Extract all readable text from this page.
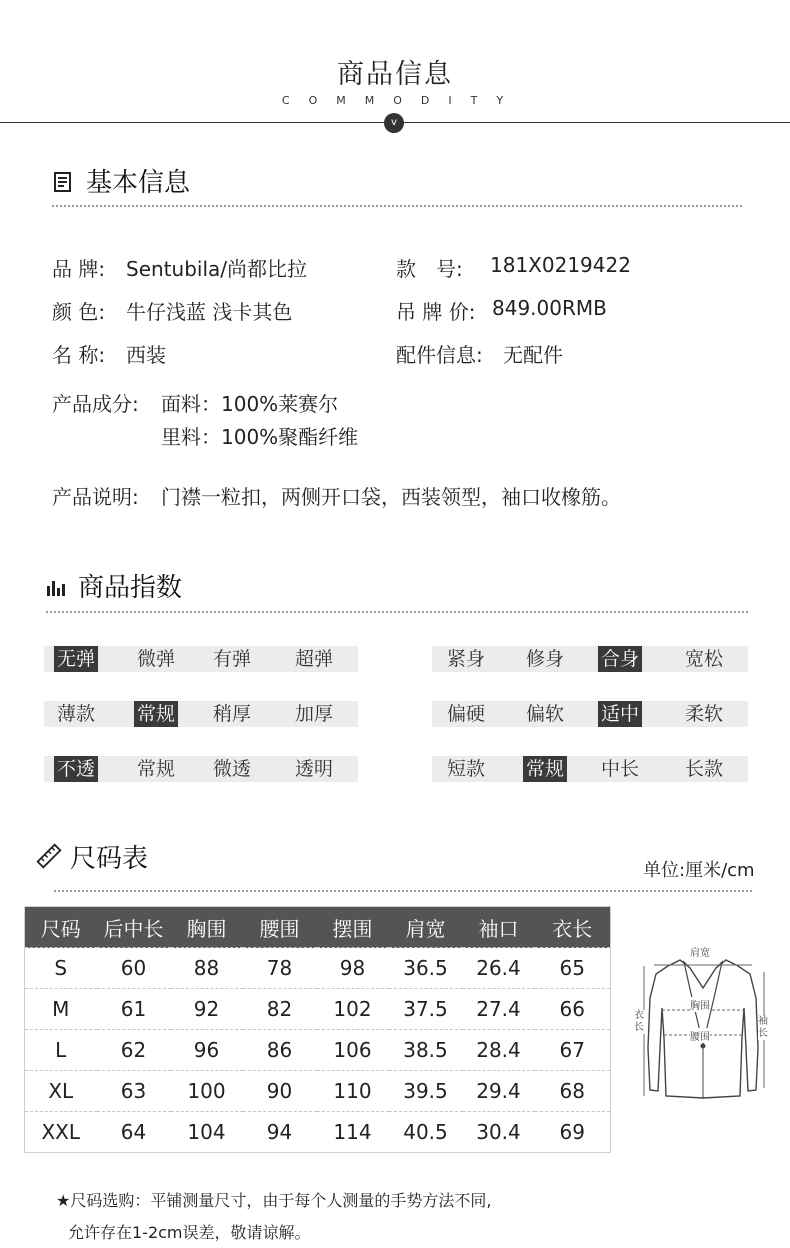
商品信息
COMMODITY
v
基本信息
品 牌: Sentubila/尚都比拉	款　号: 181X0219422
颜 色: 牛仔浅蓝 浅卡其色	吊 牌 价: 849.00RMB
名 称: 西装	配件信息: 无配件
产品成分: 面料：100%莱赛尔
里料：100%聚酯纤维
产品说明: 门襟一粒扣，两侧开口袋，西装领型，袖口收橡筋。
商品指数
无弹 微弹 有弹 超弹	紧身 修身 合身 宽松
薄款 常规 稍厚 加厚	偏硬 偏软 适中 柔软
不透 常规 微透 透明	短款 常规 中长 长款
尺码表	单位:厘米/cm
尺码	后中长	胸围	腰围	摆围	肩宽	袖口	衣长
S	60	88	78	98	36.5	26.4	65
M	61	92	82	102	37.5	27.4	66
L	62	96	86	106	38.5	28.4	67
XL	63	100	90	110	39.5	29.4	68
XXL	64	104	94	114	40.5	30.4	69
肩宽
胸围
腰围
衣长
袖长
★尺码选购：平铺测量尺寸，由于每个人测量的手势方法不同,
允许存在1-2cm误差，敬请谅解。
